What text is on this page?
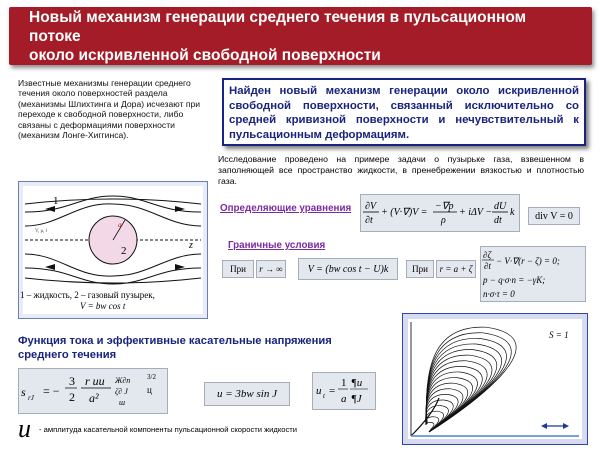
Новый механизм генерации среднего течения в пульсационном потоке
около искривленной свободной поверхности
Известные механизмы генерации среднего течения около поверхностей раздела (механизмы Шлихтинга и Дора) исчезают при переходе к свободной поверхности, либо связаны с деформациями поверхности (механизм Лонге-Хиггинса).
Найден новый механизм генерации около искривленной свободной поверхности, связанный исключительно со средней кривизной поверхности и нечувствительный к пульсационным деформациям.
Исследование проведено на примере задачи о пузырьке газа, взвешенном в заполняющей все пространство жидкости, в пренебрежении вязкостью и плотностью газа.
a
V, μ, l
1
2	z
1 – жидкость, 2 – газовый пузырек,
V = bw cos t
Определяющие уравнения ∂V
∂t
+ (V·∇)V =
−∇p
ρ
+ iΔV −
dU
dt
k	div V = 0
Граничные условия
При	r → ∞	V = (bw cos t − U)k	При	r = a + ζ
∂ζ
∂t − V·∇(r − ζ) = 0;
p − q·σ·n = −γK;
n·σ·τ = 0
Функция тока и эффективные касательные напряжения среднего течения
s rJ = −
3
2
r uu
a²
Ж∂n
ζ∂ J
ш
3/2
ц	u = 3bw sin J	u t =
1
a
¶u
¶J
u - амплитуда касательной компоненты пульсационной скорости жидкости
S = 1
